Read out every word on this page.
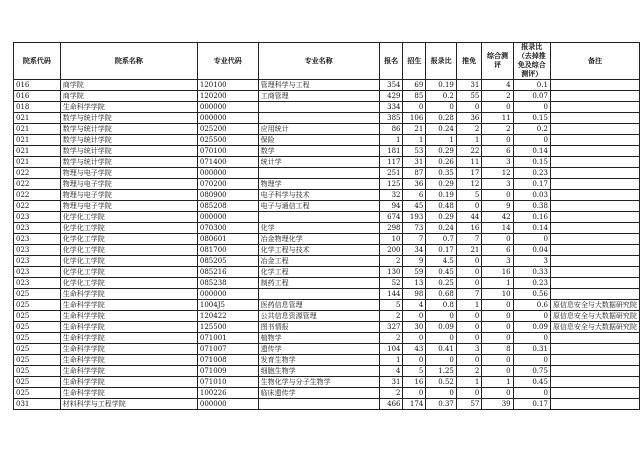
院系代码	院系名称	专业代码	专业名称	报名	招生	报录比	推免	综合测评	报录比（去掉推免及综合测评）	备注
016	商学院	120100	管理科学与工程	354	69	0.19	31	4	0.1	
016	商学院	120200	工商管理	429	85	0.2	55	2	0.07	
018	生命科学学院	000000		334	0	0	0	0	0	
021	数学与统计学院	000000		385	106	0.28	36	11	0.15	
021	数学与统计学院	025200	应用统计	86	21	0.24	2	2	0.2	
021	数学与统计学院	025500	保险	1	1	1	1	0	0	
021	数学与统计学院	070100	数学	181	53	0.29	22	6	0.14	
021	数学与统计学院	071400	统计学	117	31	0.26	11	3	0.15	
022	物理与电子学院	000000		251	87	0.35	17	12	0.23	
022	物理与电子学院	070200	物理学	125	36	0.29	12	3	0.17	
022	物理与电子学院	080900	电子科学与技术	32	6	0.19	5	0	0.03	
022	物理与电子学院	085208	电子与通信工程	94	45	0.48	0	9	0.38	
023	化学化工学院	000000		674	193	0.29	44	42	0.16	
023	化学化工学院	070300	化学	298	73	0.24	16	14	0.14	
023	化学化工学院	080601	冶金物理化学	10	7	0.7	7	0	0	
023	化学化工学院	081700	化学工程与技术	200	34	0.17	21	6	0.04	
023	化学化工学院	085205	冶金工程	2	9	4.5	0	3	3	
023	化学化工学院	085216	化学工程	130	59	0.45	0	16	0.33	
023	化学化工学院	085238	制药工程	52	13	0.25	0	1	0.23	
025	生命科学学院	000000		144	98	0.68	7	10	0.56	
025	生命科学学院	1004J5	医药信息管理	5	4	0.8	1	0	0.6	原信息安全与大数据研究院
025	生命科学学院	120422	公共信息资源管理	2	0	0	0	0	0	原信息安全与大数据研究院
025	生命科学学院	125500	图书情报	327	30	0.09	0	0	0.09	原信息安全与大数据研究院
025	生命科学学院	071001	植物学	2	0	0	0	0	0	
025	生命科学学院	071007	遗传学	104	43	0.41	3	8	0.31	
025	生命科学学院	071008	发育生物学	1	0	0	0	0	0	
025	生命科学学院	071009	细胞生物学	4	5	1.25	2	0	0.75	
025	生命科学学院	071010	生物化学与分子生物学	31	16	0.52	1	1	0.45	
025	生命科学学院	100226	临床遗传学	2	0	0	0	0	0	
031	材料科学与工程学院	000000		466	174	0.37	57	39	0.17	
